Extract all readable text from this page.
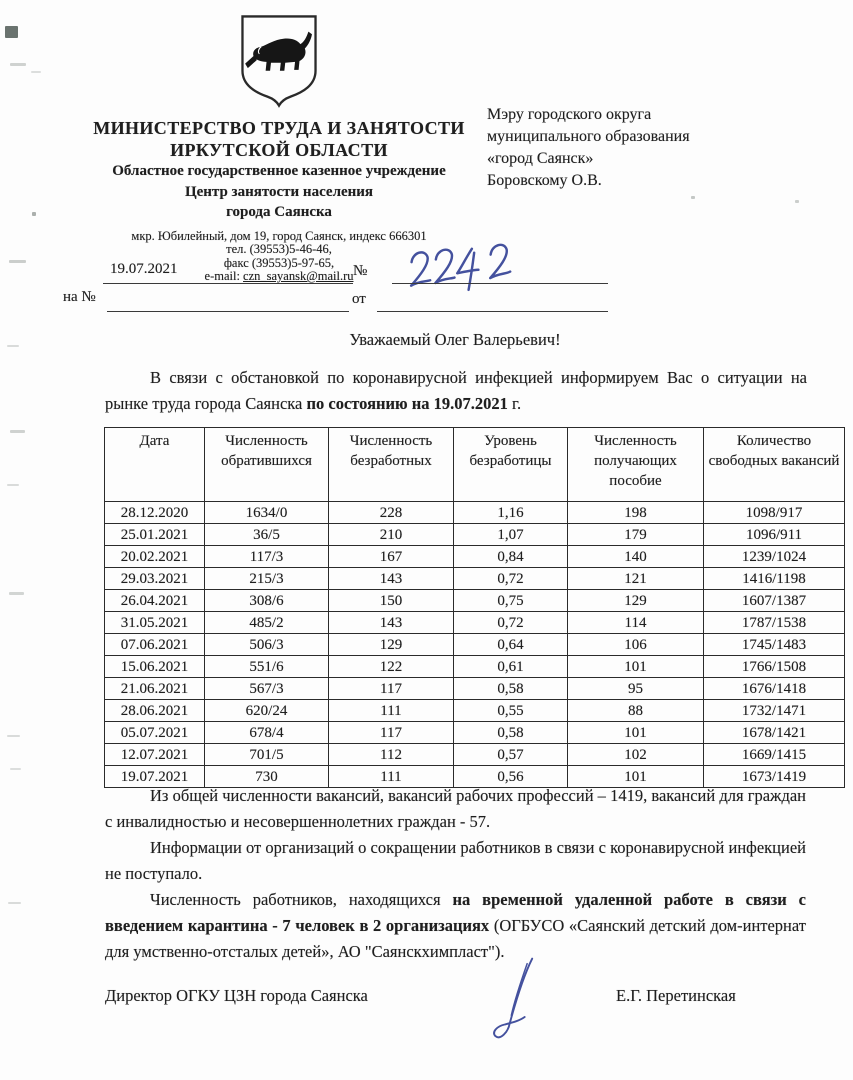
МИНИСТЕРСТВО ТРУДА И ЗАНЯТОСТИ
ИРКУТСКОЙ ОБЛАСТИ
Областное государственное казенное учреждение
Центр занятости населения
города Саянска
мкр. Юбилейный, дом 19, город Саянск, индекс 666301
тел. (39553)5-46-46,
факс (39553)5-97-65,
e-mail: czn_sayansk@mail.ru
Мэру городского округа
муниципального образования
«город Саянск»
Боровскому О.В.
19.07.2021	№
на №	от
Уважаемый Олег Валерьевич!

В связи с обстановкой по коронавирусной инфекцией информируем Вас о ситуации на рынке труда города Саянска по состоянию на 19.07.2021 г.

Дата	Численность обратившихся	Численность безработных	Уровень безработицы	Численность получающих пособие	Количество свободных вакансий
28.12.2020	1634/0	228	1,16	198	1098/917
25.01.2021	36/5	210	1,07	179	1096/911
20.02.2021	117/3	167	0,84	140	1239/1024
29.03.2021	215/3	143	0,72	121	1416/1198
26.04.2021	308/6	150	0,75	129	1607/1387
31.05.2021	485/2	143	0,72	114	1787/1538
07.06.2021	506/3	129	0,64	106	1745/1483
15.06.2021	551/6	122	0,61	101	1766/1508
21.06.2021	567/3	117	0,58	95	1676/1418
28.06.2021	620/24	111	0,55	88	1732/1471
05.07.2021	678/4	117	0,58	101	1678/1421
12.07.2021	701/5	112	0,57	102	1669/1415
19.07.2021	730	111	0,56	101	1673/1419

Из общей численности вакансий, вакансий рабочих профессий – 1419, вакансий для граждан с инвалидностью и несовершеннолетних граждан - 57.

Информации от организаций о сокращении работников в связи с коронавирусной инфекцией не поступало.

Численность работников, находящихся на временной удаленной работе в связи с введением карантина - 7 человек в 2 организациях (ОГБУСО «Саянский детский дом-интернат для умственно-отсталых детей», АО "Саянскхимпласт").

Директор ОГКУ ЦЗН города Саянска	Е.Г. Перетинская
